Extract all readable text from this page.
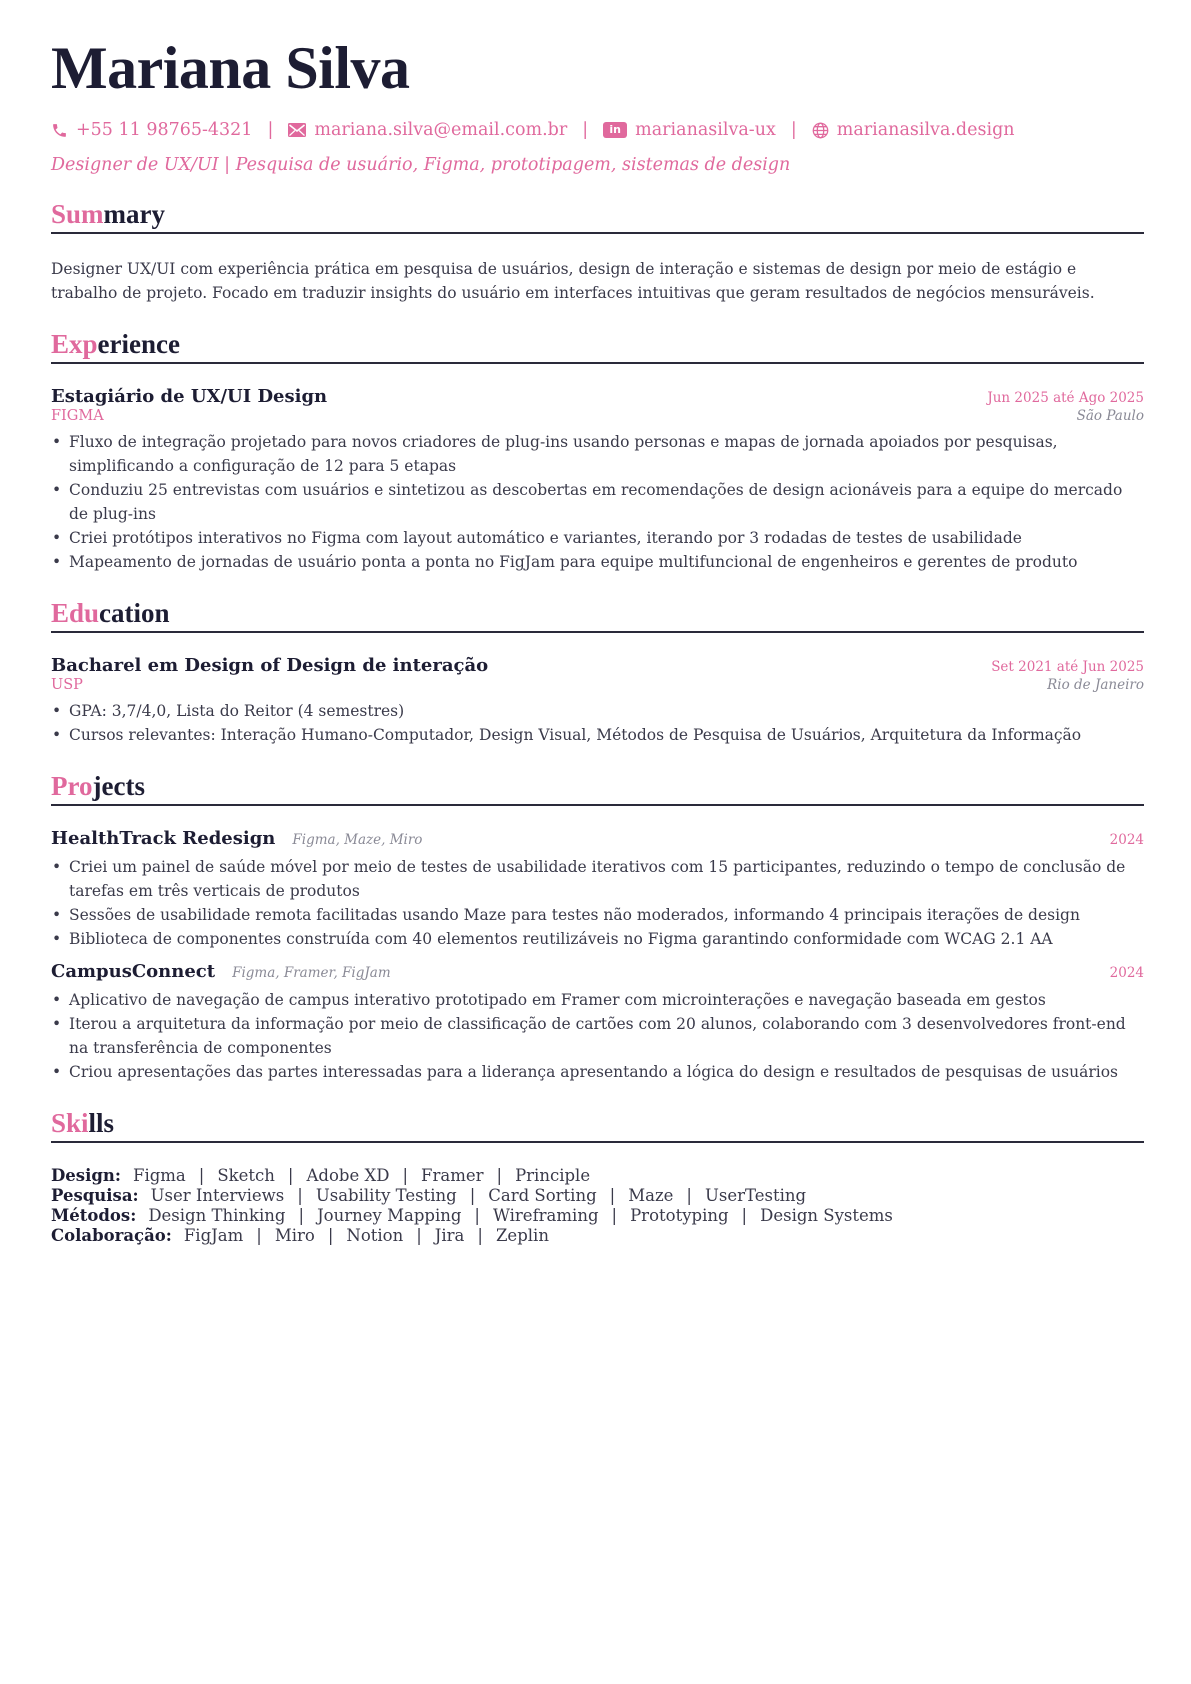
Mariana Silva
+55 11 98765-4321 | mariana.silva@email.com.br |	in marianasilva-ux | marianasilva.design
Designer de UX/UI | Pesquisa de usuário, Figma, prototipagem, sistemas de design
Summary
Designer UX/UI com experiência prática em pesquisa de usuários, design de interação e sistemas de design por meio de estágio e trabalho de projeto. Focado em traduzir insights do usuário em interfaces intuitivas que geram resultados de negócios mensuráveis.
Experience
Estagiário de UX/UI Design	Jun 2025 até Ago 2025
FIGMA	São Paulo
• Fluxo de integração projetado para novos criadores de plug-ins usando personas e mapas de jornada apoiados por pesquisas, simplificando a configuração de 12 para 5 etapas
• Conduziu 25 entrevistas com usuários e sintetizou as descobertas em recomendações de design acionáveis para a equipe do mercado de plug-ins
• Criei protótipos interativos no Figma com layout automático e variantes, iterando por 3 rodadas de testes de usabilidade
• Mapeamento de jornadas de usuário ponta a ponta no FigJam para equipe multifuncional de engenheiros e gerentes de produto
Education
Bacharel em Design of Design de interação	Set 2021 até Jun 2025
USP	Rio de Janeiro
• GPA: 3,7/4,0, Lista do Reitor (4 semestres)
• Cursos relevantes: Interação Humano-Computador, Design Visual, Métodos de Pesquisa de Usuários, Arquitetura da Informação
Projects
HealthTrack Redesign Figma, Maze, Miro	2024
• Criei um painel de saúde móvel por meio de testes de usabilidade iterativos com 15 participantes, reduzindo o tempo de conclusão de tarefas em três verticais de produtos
• Sessões de usabilidade remota facilitadas usando Maze para testes não moderados, informando 4 principais iterações de design
• Biblioteca de componentes construída com 40 elementos reutilizáveis no Figma garantindo conformidade com WCAG 2.1 AA
CampusConnect Figma, Framer, FigJam	2024
• Aplicativo de navegação de campus interativo prototipado em Framer com microinterações e navegação baseada em gestos
• Iterou a arquitetura da informação por meio de classificação de cartões com 20 alunos, colaborando com 3 desenvolvedores front-end na transferência de componentes
• Criou apresentações das partes interessadas para a liderança apresentando a lógica do design e resultados de pesquisas de usuários
Skills
Design: Figma | Sketch | Adobe XD | Framer | Principle
Pesquisa: User Interviews | Usability Testing | Card Sorting | Maze | UserTesting
Métodos: Design Thinking | Journey Mapping | Wireframing | Prototyping | Design Systems
Colaboração: FigJam | Miro | Notion | Jira | Zeplin
